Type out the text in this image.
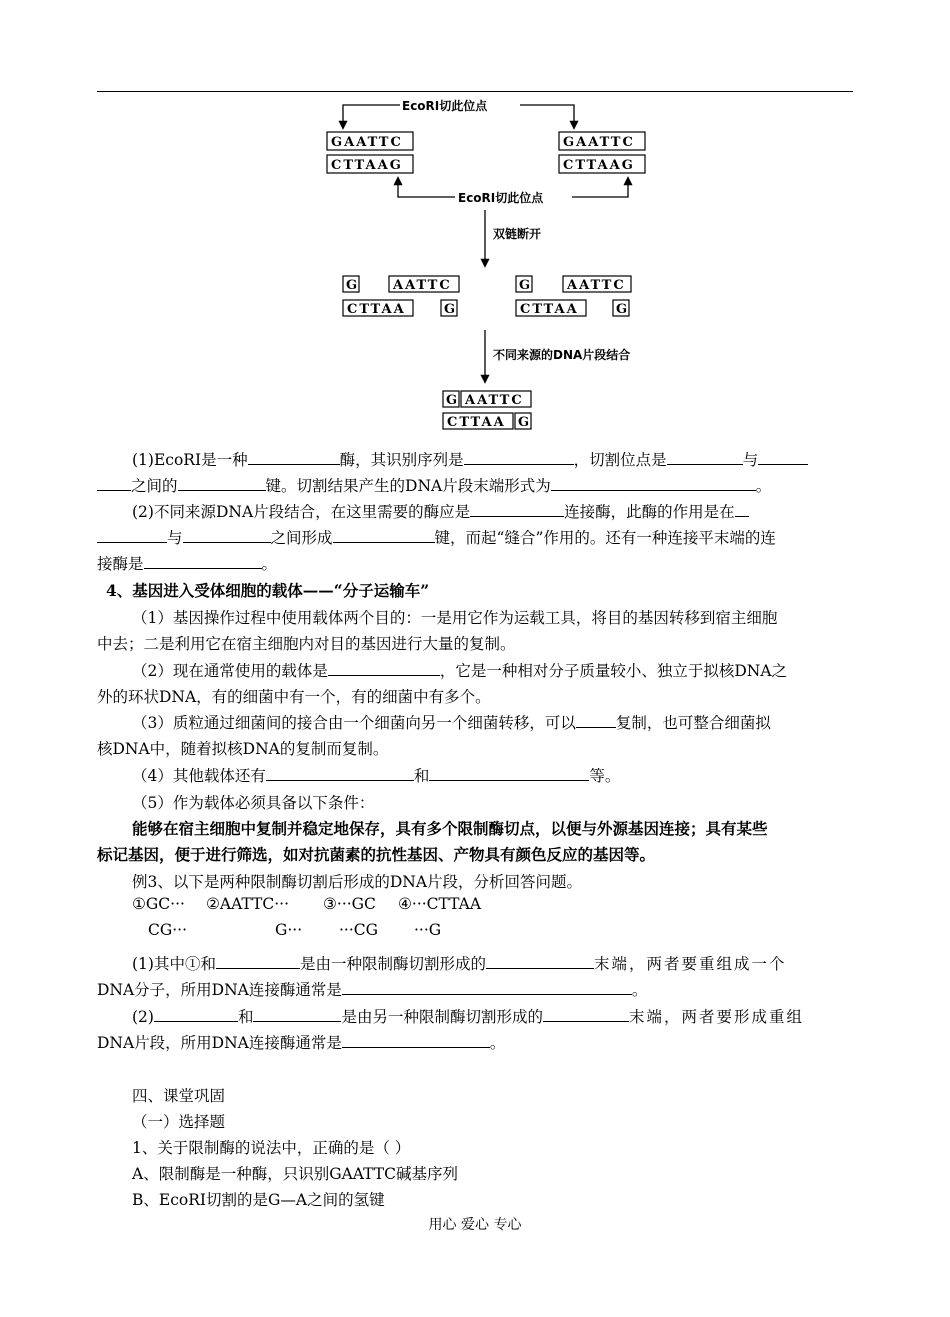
EcoRⅠ切此位点
GAATTC
CTTAAG
GAATTC
CTTAAG
EcoRⅠ切此位点
双链断开
G	AATTC
CTTAA	G
G	AATTC
CTTAA	G
不同来源的DNA片段结合
G AATTC
CTTAA G
(1)EcoRI是一种	酶，其识别序列是	，切割位点是	与
之间的	键。切割结果产生的DNA片段末端形式为	。
(2)不同来源DNA片段结合，在这里需要的酶应是	连接酶，此酶的作用是在
与	之间形成	键，而起“缝合”作用的。还有一种连接平末端的连
接酶是	。
4、基因进入受体细胞的载体——“分子运输车”
（1）基因操作过程中使用载体两个目的：一是用它作为运载工具，将目的基因转移到宿主细胞
中去；二是利用它在宿主细胞内对目的基因进行大量的复制。
（2）现在通常使用的载体是	，它是一种相对分子质量较小、独立于拟核DNA之
外的环状DNA，有的细菌中有一个，有的细菌中有多个。
（3）质粒通过细菌间的接合由一个细菌向另一个细菌转移，可以	复制，也可整合细菌拟
核DNA中，随着拟核DNA的复制而复制。
（4）其他载体还有	和	等。
（5）作为载体必须具备以下条件：
能够在宿主细胞中复制并稳定地保存，具有多个限制酶切点，以便与外源基因连接；具有某些
标记基因，便于进行筛选，如对抗菌素的抗性基因、产物具有颜色反应的基因等。
例3、以下是两种限制酶切割后形成的DNA片段，分析回答问题。
①GC··· ②AATTC··· ③···GC ④···CTTAA
CG···	G··· ···CG ···G
(1)其中①和	是由一种限制酶切割形成的	末端，两者要重组成一个
DNA分子，所用DNA连接酶通常是	。
(2)	和	是由另一种限制酶切割形成的	末端，两者要形成重组
DNA片段，所用DNA连接酶通常是	。
四、课堂巩固
（一）选择题
1、关于限制酶的说法中，正确的是（ ）
A、限制酶是一种酶，只识别GAATTC碱基序列
B、EcoRI切割的是G—A之间的氢键
用心 爱心 专心
